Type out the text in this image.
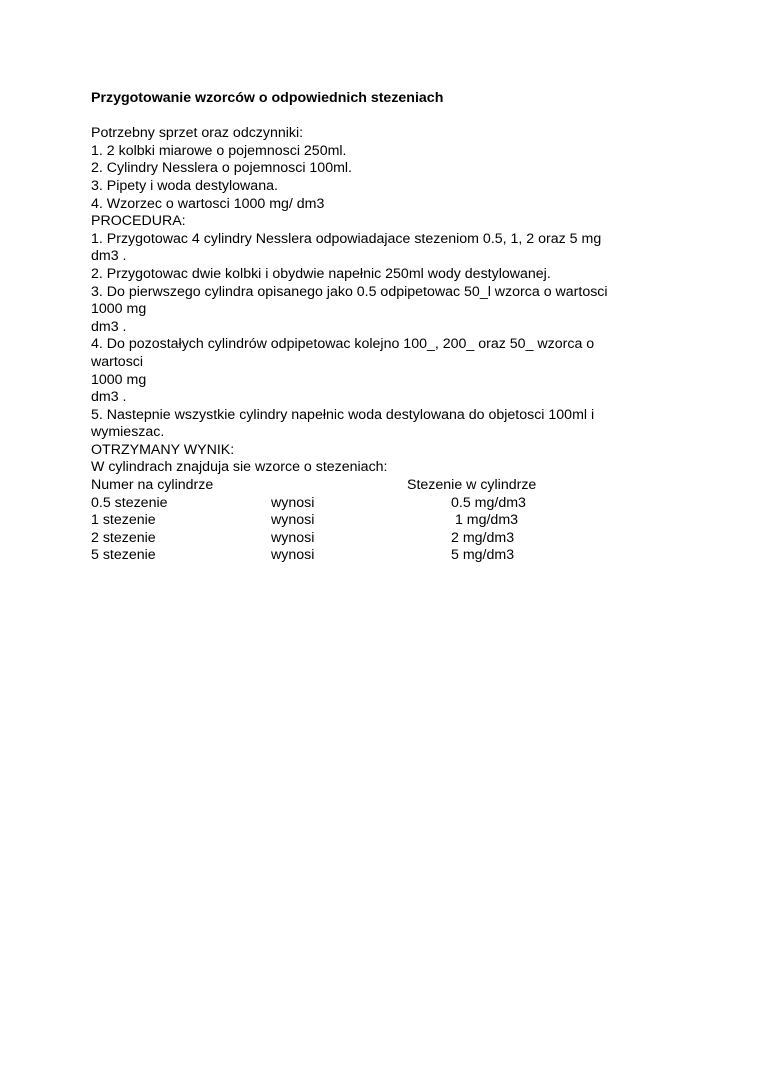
Przygotowanie wzorców o odpowiednich stezeniach
Potrzebny sprzet oraz odczynniki:
1. 2 kolbki miarowe o pojemnosci 250ml.
2. Cylindry Nesslera o pojemnosci 100ml.
3. Pipety i woda destylowana.
4. Wzorzec o wartosci 1000 mg/ dm3
PROCEDURA:
1. Przygotowac 4 cylindry Nesslera odpowiadajace stezeniom 0.5, 1, 2 oraz 5 mg
dm3 .
2. Przygotowac dwie kolbki i obydwie napełnic 250ml wody destylowanej.
3. Do pierwszego cylindra opisanego jako 0.5 odpipetowac 50_l wzorca o wartosci
1000 mg
dm3 .
4. Do pozostałych cylindrów odpipetowac kolejno 100_, 200_ oraz 50_ wzorca o
wartosci
1000 mg
dm3 .
5. Nastepnie wszystkie cylindry napełnic woda destylowana do objetosci 100ml i
wymieszac.
OTRZYMANY WYNIK:
W cylindrach znajduja sie wzorce o stezeniach:
Numer na cylindrze		Stezenie w cylindrze
0.5 stezenie	wynosi	0.5 mg/dm3
1 stezenie	wynosi	1 mg/dm3
2 stezenie	wynosi	2 mg/dm3
5 stezenie	wynosi	5 mg/dm3
